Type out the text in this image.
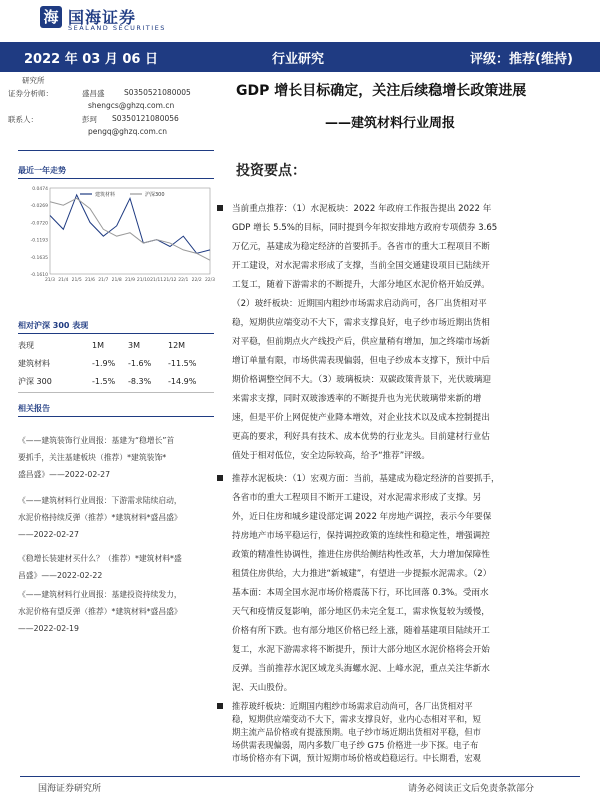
海 国海证券
SEALAND SECURITIES
2022 年 03 月 06 日	行业研究	评级：推荐(维持)
研究所
证券分析师：	盛昌盛	S0350521080005
shengcs@ghzq.com.cn
联系人：	彭珂 S0350121080056
pengq@ghzq.com.cn
GDP 增长目标确定，关注后续稳增长政策进展
——建筑材料行业周报
最近一年走势
0.0474
-0.0269
-0.0720
-0.1193
-0.1635
-0.1610
21/3 21/4 21/5 21/6 21/7 21/8 21/9 21/10 21/11 21/12 22/1 22/2 22/3
建筑材料	沪深300
相对沪深 300 表现
表现	1M	3M	12M
建筑材料	-1.9%	-1.6%	-11.5%
沪深 300	-1.5%	-8.3%	-14.9%
相关报告
《——建筑装饰行业周报：基建为“稳增长”首
要抓手，关注基建板块（推荐）*建筑装饰*
盛昌盛》——2022-02-27
《——建筑材料行业周报：下游需求陆续启动，
水泥价格持续反弹（推荐）*建筑材料*盛昌盛》
——2022-02-27
《稳增长装建材买什么？（推荐）*建筑材料*盛
昌盛》——2022-02-22
《——建筑材料行业周报：基建投资持续发力，
水泥价格有望反弹（推荐）*建筑材料*盛昌盛》
——2022-02-19
投资要点：
当前重点推荐：（1）水泥板块：2022 年政府工作报告提出 2022 年
GDP 增长 5.5%的目标，同时提到今年拟安排地方政府专项债券 3.65
万亿元，基建成为稳定经济的首要抓手。各省市的重大工程项目不断
开工建设，对水泥需求形成了支撑，当前全国交通建设项目已陆续开
工复工，随着下游需求的不断提升，大部分地区水泥价格开始反弹。
（2）玻纤板块：近期国内粗纱市场需求启动尚可，各厂出货相对平
稳，短期供应端变动不大下，需求支撑良好，电子纱市场近期出货相
对平稳，但前期点火产线投产后，供应量稍有增加，加之终端市场新
增订单量有限，市场供需表现偏弱，但电子纱成本支撑下，预计中后
期价格调整空间不大。（3）玻璃板块：双碳政策背景下，光伏玻璃迎
来需求支撑，同时双玻渗透率的不断提升也为光伏玻璃带来新的增
速，但是平价上网促使产业降本增效，对企业技术以及成本控制提出
更高的要求，利好具有技术、成本优势的行业龙头。目前建材行业估
值处于相对低位，安全边际较高，给予“推荐”评级。
推荐水泥板块：（1）宏观方面：当前，基建成为稳定经济的首要抓手，
各省市的重大工程项目不断开工建设，对水泥需求形成了支撑。另
外，近日住房和城乡建设部定调 2022 年房地产调控，表示今年要保
持房地产市场平稳运行，保持调控政策的连续性和稳定性，增强调控
政策的精准性协调性，推进住房供给侧结构性改革，大力增加保障性
租赁住房供给，大力推进“新城建”，有望进一步提振水泥需求。（2）
基本面：本周全国水泥市场价格震荡下行，环比回落 0.3%。受雨水
天气和疫情反复影响，部分地区仍未完全复工，需求恢复较为缓慢，
价格有所下跌。也有部分地区价格已经上涨，随着基建项目陆续开工
复工，水泥下游需求将不断提升，预计大部分地区水泥价格将会开始
反弹。当前推荐水泥区域龙头海螺水泥、上峰水泥，重点关注华新水
泥、天山股份。
推荐玻纤板块：近期国内粗纱市场需求启动尚可，各厂出货相对平
稳，短期供应端变动不大下，需求支撑良好，业内心态相对平和，短
期主流产品价格或有提涨预期。电子纱市场近期出货相对平稳，但市
场供需表现偏弱，周内多数厂电子纱 G75 价格进一步下探。电子布
市场价格亦有下调，预计短期市场价格或趋稳运行。中长期看，宏观
国海证券研究所	请务必阅读正文后免责条款部分
